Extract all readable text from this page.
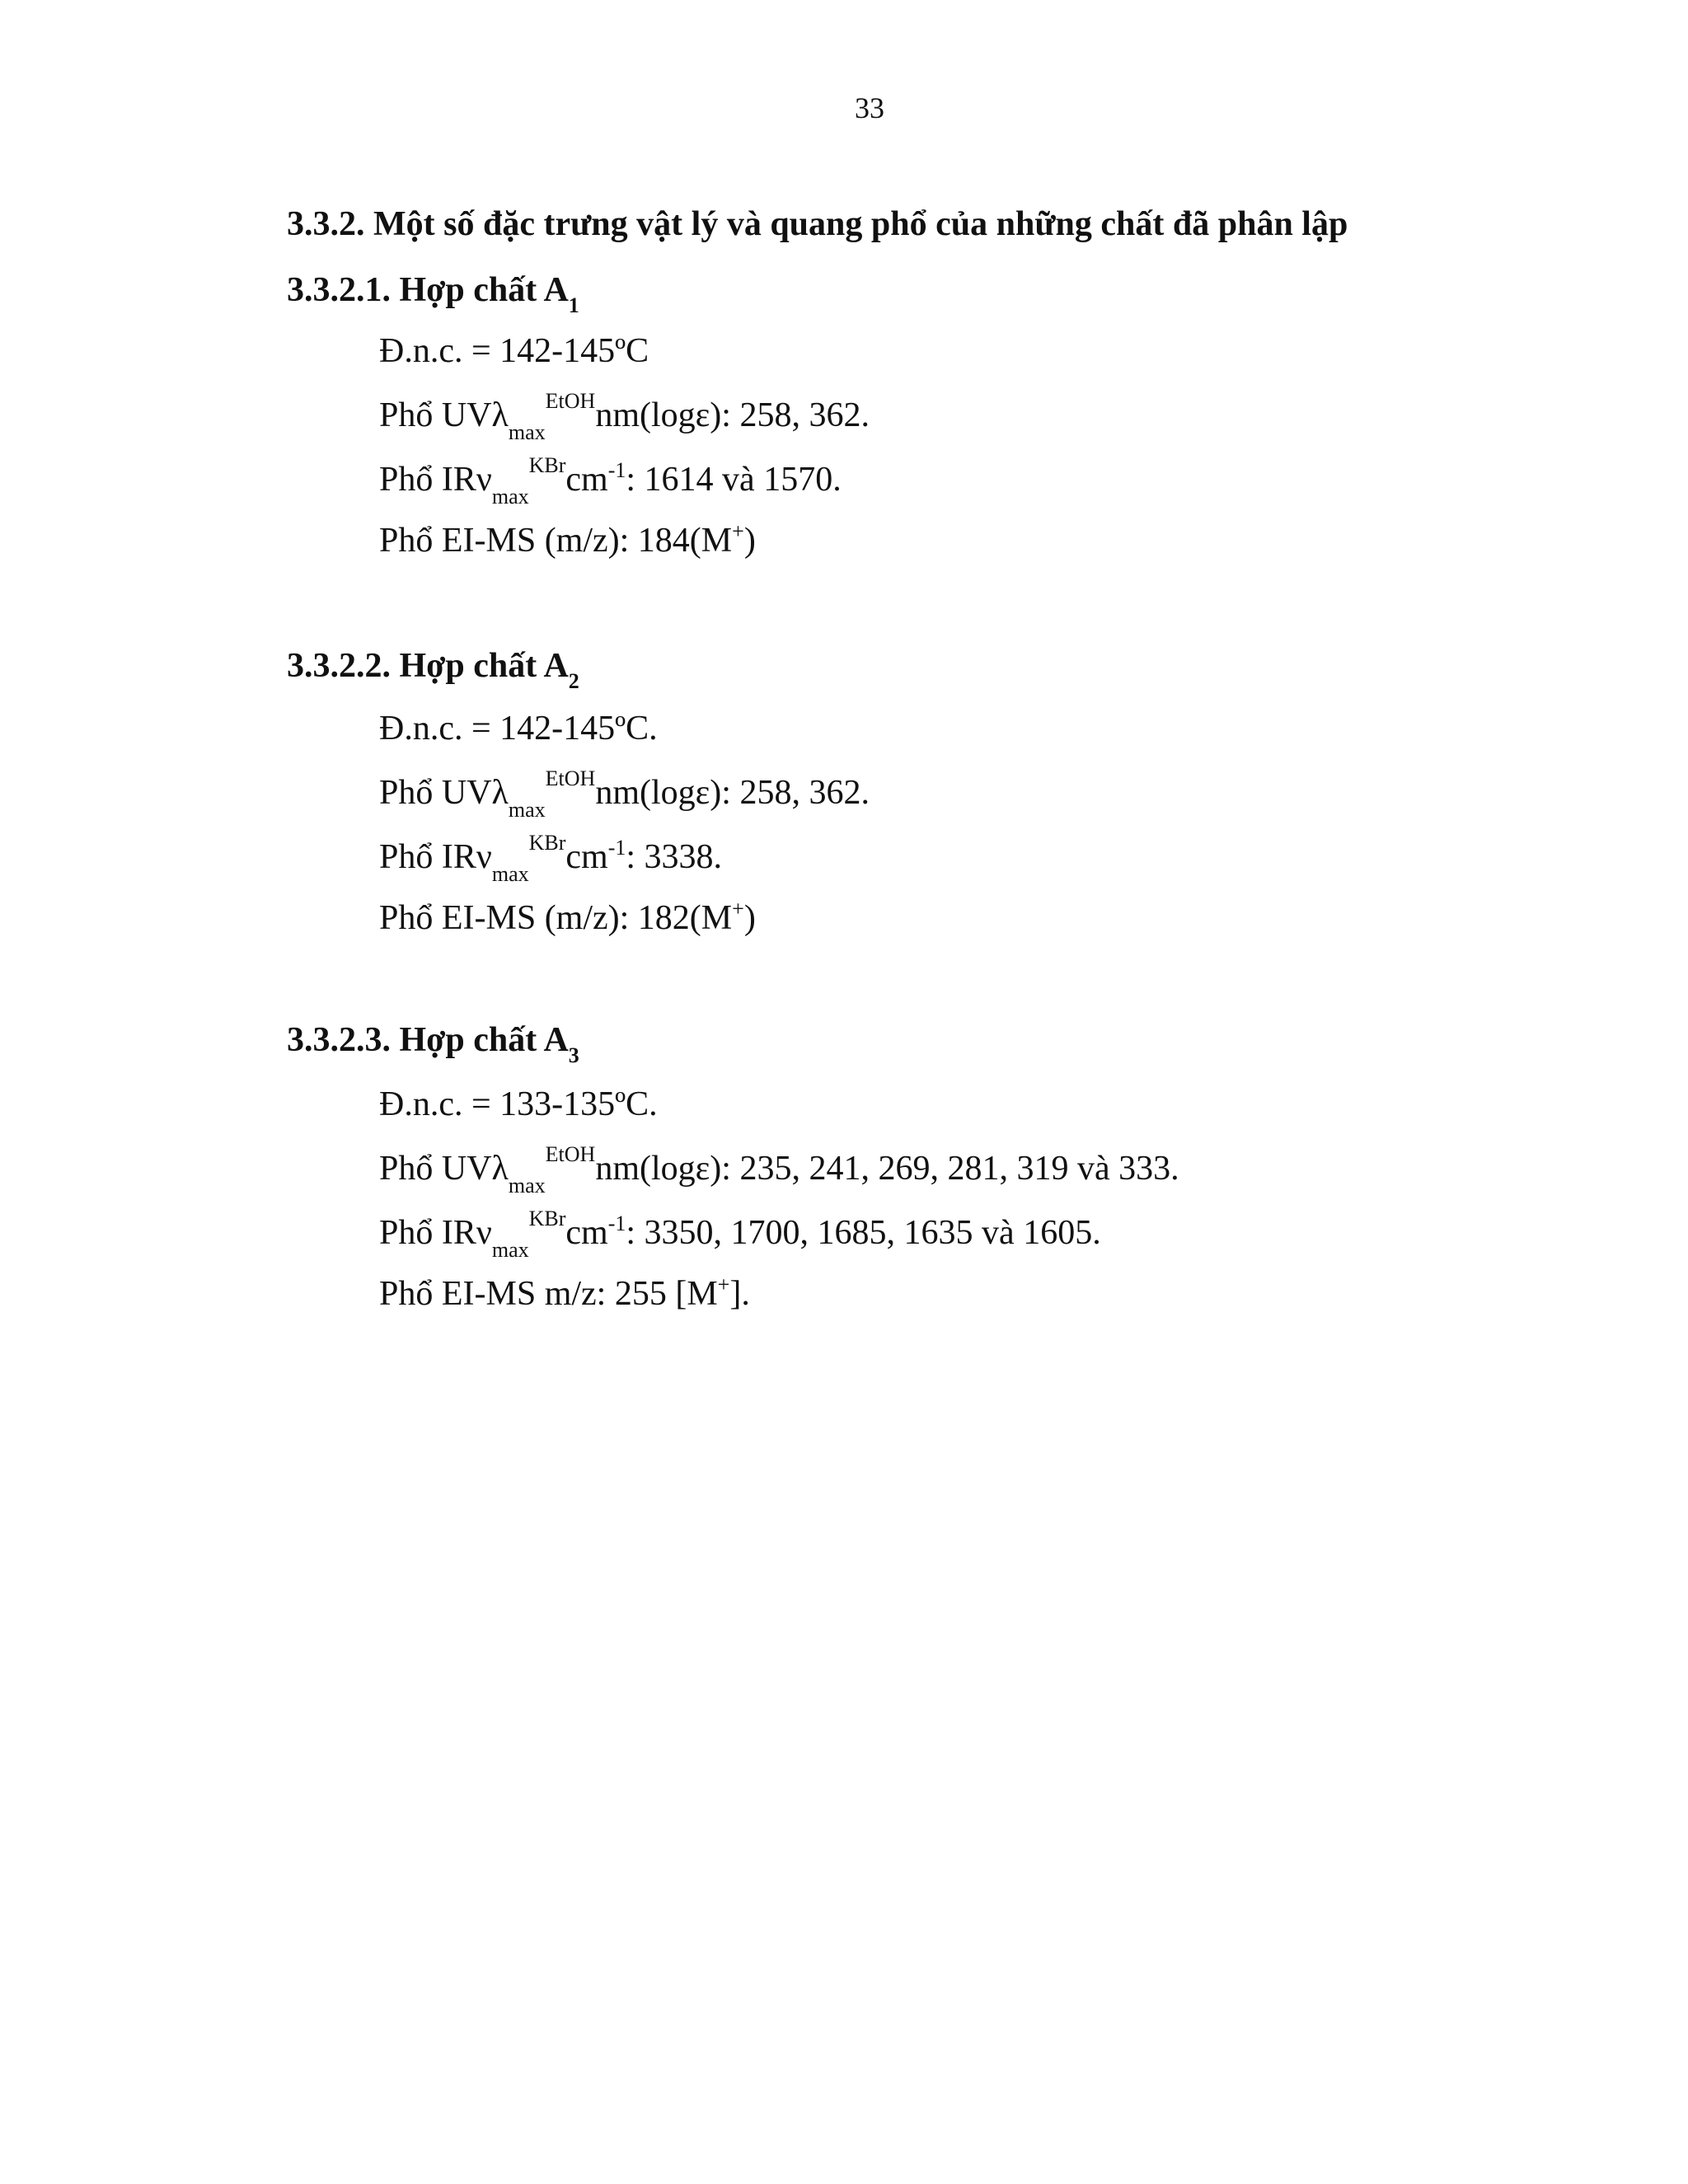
33
3.3.2. Một số đặc trưng vật lý và quang phổ của những chất đã phân lập
3.3.2.1. Hợp chất $A_1$
Đ.n.c. = 142-145ºC
Phổ UVλ$_{max}^{EtOH}$nm(logε): 258, 362.
Phổ $IR\nu_{max}^{KBr}cm^{-1}$: 1614 và 1570.
Phổ EI-MS (m/z): 184(M+)
3.3.2.2. Hợp chất $A_2$
Đ.n.c. = 142-145ºC.
Phổ UVλ$_{max}^{EtOH}$nm(logε): 258, 362.
Phổ $IR\nu_{max}^{KBr}cm^{-1}$: 3338.
Phổ EI-MS (m/z): 182(M+)
3.3.2.3. Hợp chất $A_3$
Đ.n.c. = 133-135ºC.
Phổ UVλ$_{max}^{EtOH}$nm(logε): 235, 241, 269, 281, 319 và 333.
Phổ $IR\nu_{max}^{KBr}cm^{-1}$: 3350, 1700, 1685, 1635 và 1605.
Phổ EI-MS m/z: 255 [M+].
